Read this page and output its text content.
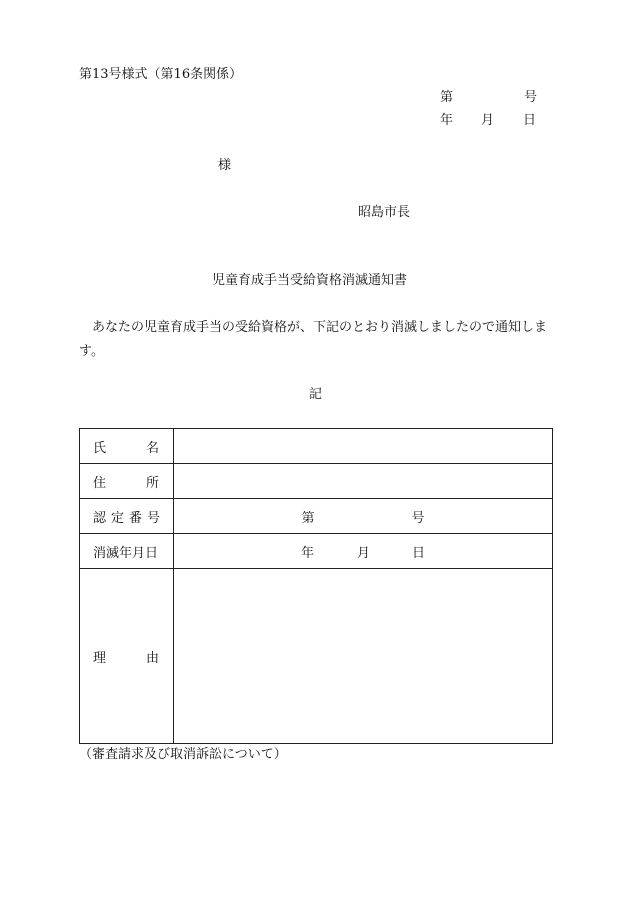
第13号様式（第16条関係）
第	号
年 月 日
様
昭島市長
児童育成手当受給資格消滅通知書
あなたの児童育成手当の受給資格が、下記のとおり消滅しましたので通知します。
記
氏 名	

住 所	

認 定 番 号	第 号

消滅年月日	年 月 日

理 由	

（審査請求及び取消訴訟について）
